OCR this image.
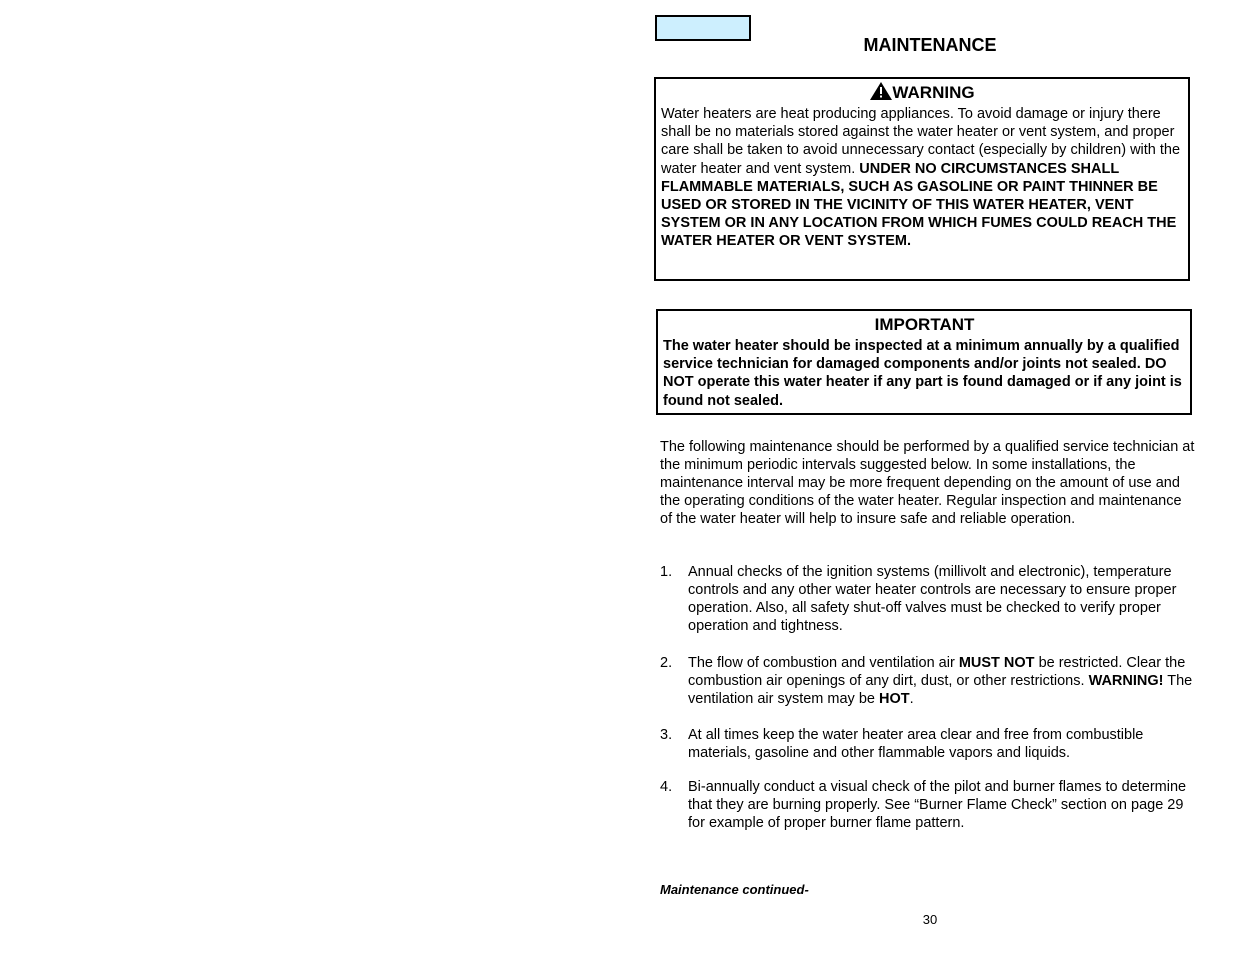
MAINTENANCE
WARNING
Water heaters are heat producing appliances. To avoid damage or injury there shall be no materials stored against the water heater or vent system, and proper care shall be taken to avoid unnecessary contact (especially by children) with the water heater and vent system. UNDER NO CIRCUMSTANCES SHALL FLAMMABLE MATERIALS, SUCH AS GASOLINE OR PAINT THINNER BE USED OR STORED IN THE VICINITY OF THIS WATER HEATER, VENT SYSTEM OR IN ANY LOCATION FROM WHICH FUMES COULD REACH THE WATER HEATER OR VENT SYSTEM.
IMPORTANT
The water heater should be inspected at a minimum annually by a qualified service technician for damaged components and/or joints not sealed. DO NOT operate this water heater if any part is found damaged or if any joint is found not sealed.
The following maintenance should be performed by a qualified service technician at the minimum periodic intervals suggested below. In some installations, the maintenance interval may be more frequent depending on the amount of use and the operating conditions of the water heater. Regular inspection and maintenance of the water heater will help to insure safe and reliable operation.
1. Annual checks of the ignition systems (millivolt and electronic), temperature controls and any other water heater controls are necessary to ensure proper operation. Also, all safety shut-off valves must be checked to verify proper operation and tightness.
2. The flow of combustion and ventilation air MUST NOT be restricted. Clear the combustion air openings of any dirt, dust, or other restrictions. WARNING! The ventilation air system may be HOT.
3. At all times keep the water heater area clear and free from combustible materials, gasoline and other flammable vapors and liquids.
4. Bi-annually conduct a visual check of the pilot and burner flames to determine that they are burning properly. See “Burner Flame Check” section on page 29 for example of proper burner flame pattern.
Maintenance continued-
30
